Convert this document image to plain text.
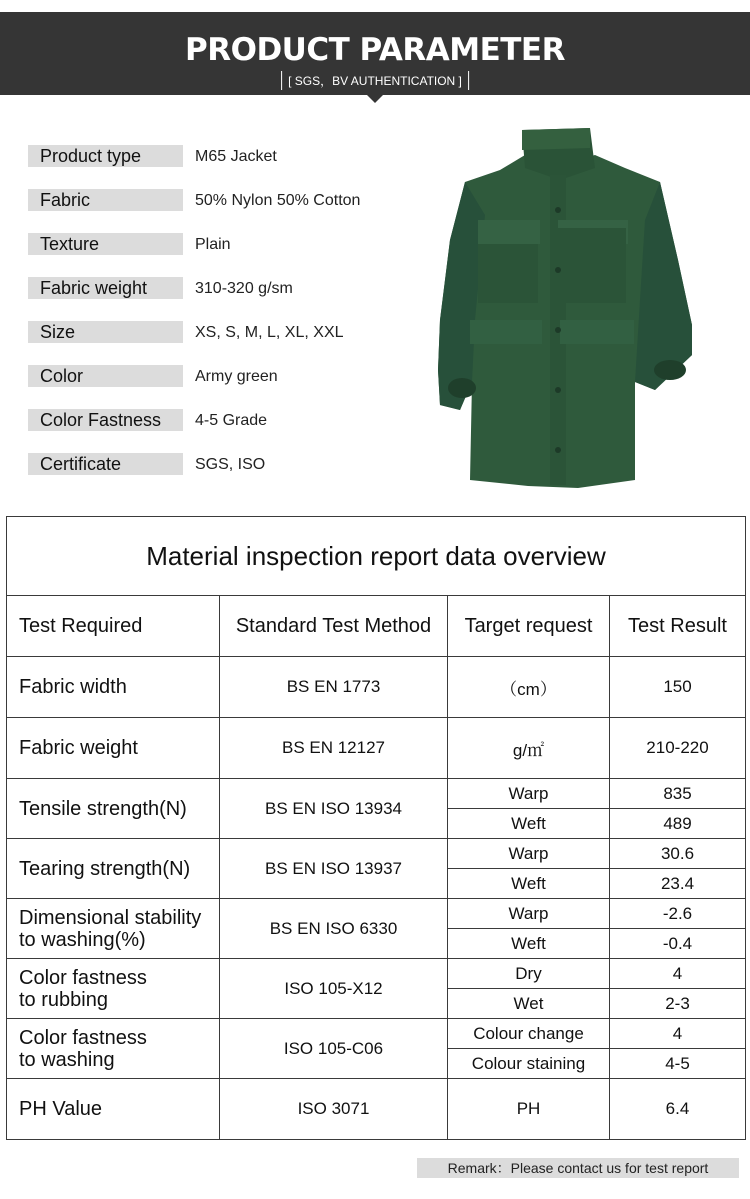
PRODUCT PARAMETER
[ SGS，BV AUTHENTICATION ]
Product type	M65 Jacket
Fabric	50% Nylon 50% Cotton
Texture	Plain
Fabric weight	310-320 g/sm
Size	XS, S, M, L, XL, XXL
Color	Army green
Color Fastness	4-5 Grade
Certificate	SGS, ISO
Material inspection report data overview			
Test Required	Standard Test Method	Target request	Test Result
Fabric width	BS EN 1773	（cm）	150
Fabric weight	BS EN 12127	g/㎡	210-220
Tensile strength(N)	BS EN ISO 13934	Warp	835
		Weft	489
Tearing strength(N)	BS EN ISO 13937	Warp	30.6
		Weft	23.4
Dimensional stability
to washing(%)	BS EN ISO 6330	Warp	-2.6
		Weft	-0.4
Color fastness
to rubbing	ISO 105-X12	Dry	4
		Wet	2-3
Color fastness
to washing	ISO 105-C06	Colour change	4
		Colour staining	4-5
PH Value	ISO 3071	PH	6.4
Remark：Please contact us for test report
